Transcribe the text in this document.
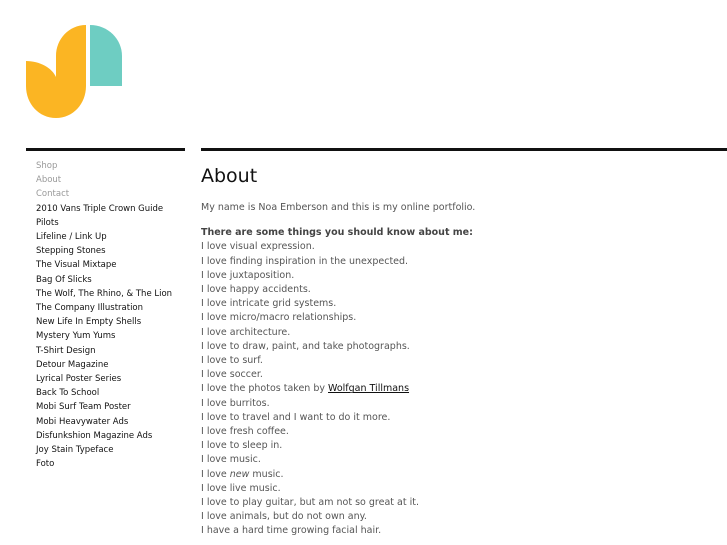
Shop
About
Contact
2010 Vans Triple Crown Guide
Pilots
Lifeline / Link Up
Stepping Stones
The Visual Mixtape
Bag Of Slicks
The Wolf, The Rhino, & The Lion
The Company Illustration
New Life In Empty Shells
Mystery Yum Yums
T-Shirt Design
Detour Magazine
Lyrical Poster Series
Back To School
Mobi Surf Team Poster
Mobi Heavywater Ads
Disfunkshion Magazine Ads
Joy Stain Typeface
Foto
About

My name is Noa Emberson and this is my online portfolio.

There are some things you should know about me:

I love visual expression.
I love finding inspiration in the unexpected.
I love juxtaposition.
I love happy accidents.
I love intricate grid systems.
I love micro/macro relationships.
I love architecture.
I love to draw, paint, and take photographs.
I love to surf.
I love soccer.
I love the photos taken by Wolfgan Tillmans
I love burritos.
I love to travel and I want to do it more.
I love fresh coffee.
I love to sleep in.
I love music.
I love new music.
I love live music.
I love to play guitar, but am not so great at it.
I love animals, but do not own any.
I have a hard time growing facial hair.
